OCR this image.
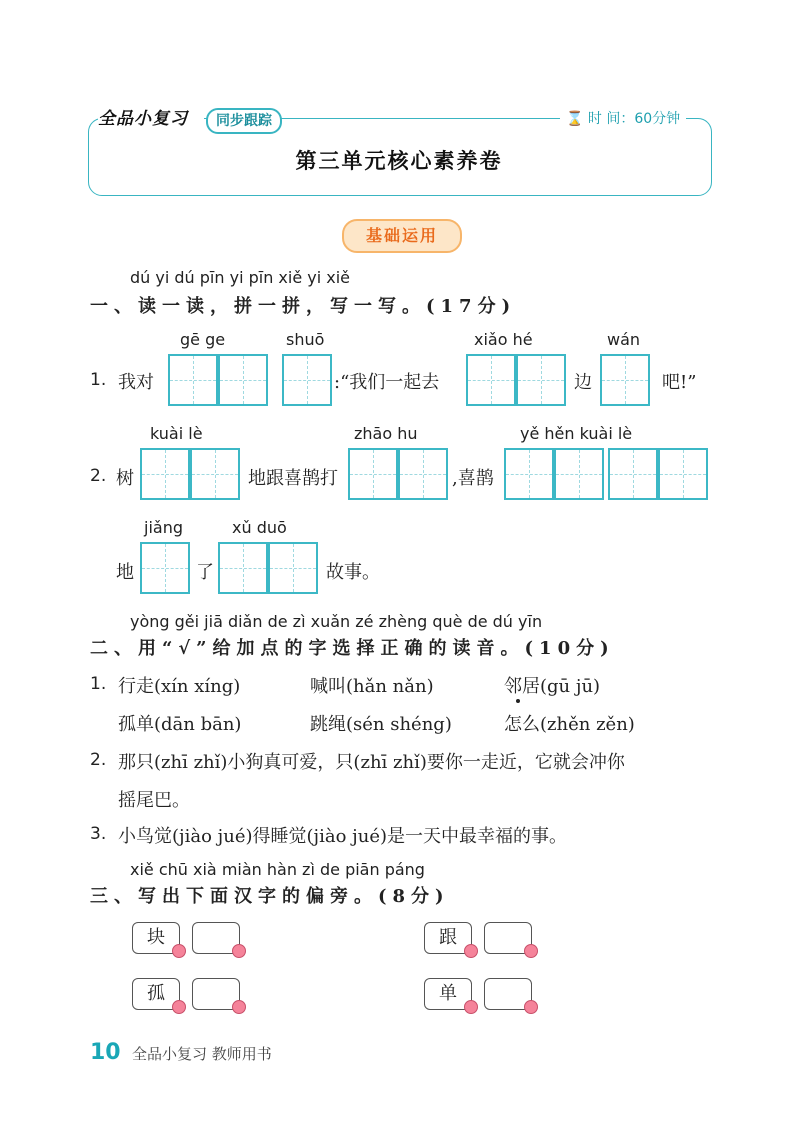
全品小复习	同步跟踪	⌛ 时 间：60分钟
第三单元核心素养卷
基础运用
dú yi dú pīn yi pīn xiě yi xiě
一、读一读，拼一拼，写一写。(17分)
1. 我对
gē ge	shuō
:“我们一起去
xiǎo hé
边
wán
吧!”
2. 树
kuài lè
地跟喜鹊打
zhāo hu
,喜鹊
yě hěn kuài lè
地
jiǎng
了
xǔ duō
故事。
yòng gěi jiā diǎn de zì xuǎn zé zhèng què de dú yīn
二、用“√”给加点的字选择正确的读音。(10分)
1. 行走(xín xíng)	喊叫(hǎn nǎn)	邻居(gū jū)
孤单(dān bān)	跳绳(sén shéng)	怎么(zhěn zěn)
2. 那只(zhī zhǐ)小狗真可爱，只(zhī zhǐ)要你一走近，它就会冲你
摇尾巴。
3. 小鸟觉(jiào jué)得睡觉(jiào jué)是一天中最幸福的事。
xiě chū xià miàn hàn zì de piān páng
三、写出下面汉字的偏旁。(8分)
块	跟
孤	单
10 全品小复习 教师用书
